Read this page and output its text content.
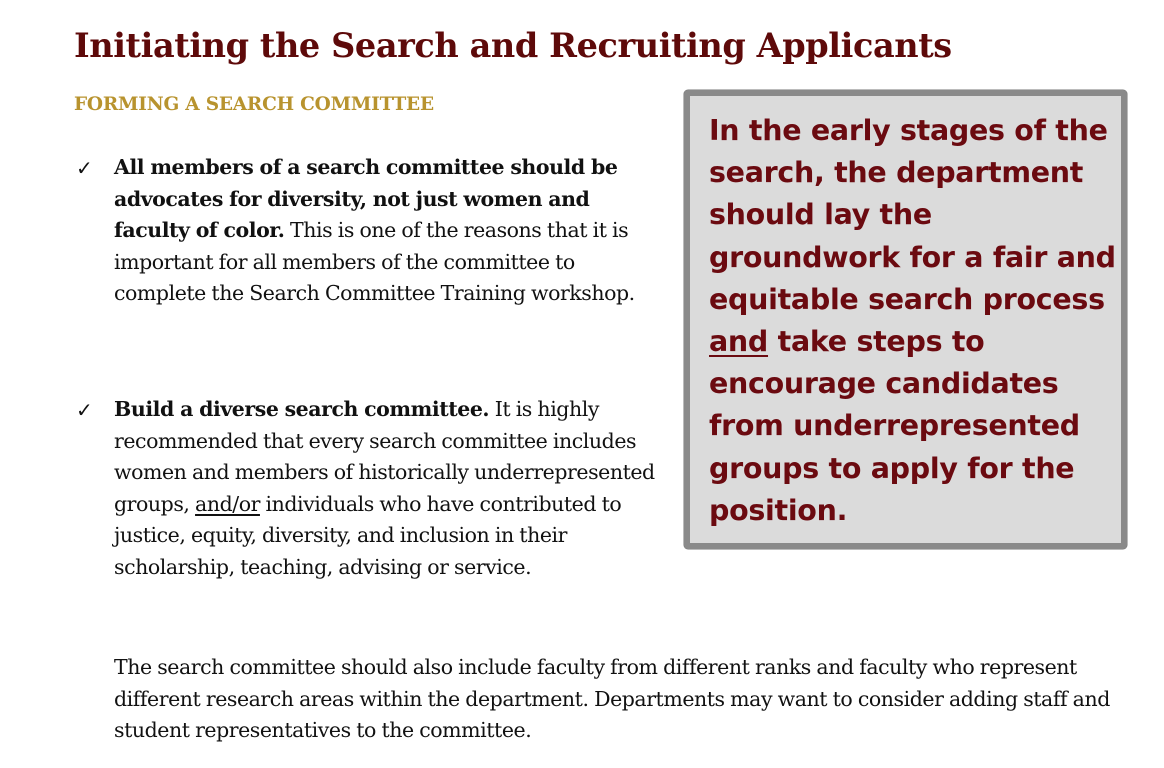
Initiating the Search and Recruiting Applicants
FORMING A SEARCH COMMITTEE
✓ All members of a search committee should be advocates for diversity, not just women and faculty of color. This is one of the reasons that it is important for all members of the committee to complete the Search Committee Training workshop.
✓ Build a diverse search committee. It is highly recommended that every search committee includes women and members of historically underrepresented groups, and/or individuals who have contributed to justice, equity, diversity, and inclusion in their scholarship, teaching, advising or service.

The search committee should also include faculty from different ranks and faculty who represent different research areas within the department. Departments may want to consider adding staff and student representatives to the committee.

In the early stages of the search, the department should lay the groundwork for a fair and equitable search process and take steps to encourage candidates from underrepresented groups to apply for the position.
